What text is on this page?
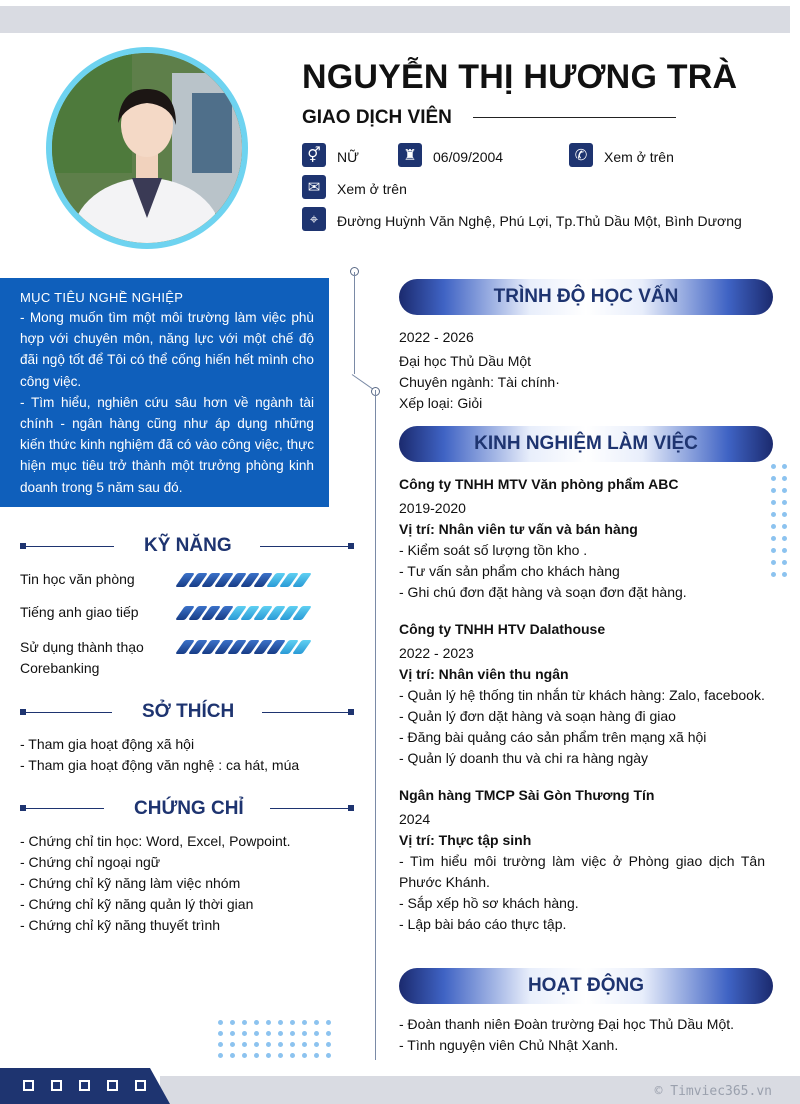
NGUYỄN THỊ HƯƠNG TRÀ
GIAO DỊCH VIÊN
⚥	NỮ	♜	06/09/2004	✆	Xem ở trên
✉	Xem ở trên
⌖	Đường Huỳnh Văn Nghệ, Phú Lợi, Tp.Thủ Dầu Một, Bình Dương
MỤC TIÊU NGHỀ NGHIỆP
- Mong muốn tìm một môi trường làm việc phù hợp với chuyên môn, năng lực với một chế độ đãi ngộ tốt để Tôi có thể cống hiến hết mình cho công việc.
- Tìm hiểu, nghiên cứu sâu hơn về ngành tài chính - ngân hàng cũng như áp dụng những kiến thức kinh nghiệm đã có vào công việc, thực hiện mục tiêu trở thành một trưởng phòng kinh doanh trong 5 năm sau đó.
KỸ NĂNG
Tin học văn phòng
Tiếng anh giao tiếp
Sử dụng thành thạo Corebanking
SỞ THÍCH
- Tham gia hoạt động xã hội
- Tham gia hoạt động văn nghệ : ca hát, múa
CHỨNG CHỈ
- Chứng chỉ tin học: Word, Excel, Powpoint.
- Chứng chỉ ngoại ngữ
- Chứng chỉ kỹ năng làm việc nhóm
- Chứng chỉ kỹ năng quản lý thời gian
- Chứng chỉ kỹ năng thuyết trình
TRÌNH ĐỘ HỌC VẤN
2022 - 2026
Đại học Thủ Dầu Một
Chuyên ngành: Tài chính·
Xếp loại: Giỏi
KINH NGHIỆM LÀM VIỆC
Công ty TNHH MTV Văn phòng phẩm ABC
2019-2020
Vị trí: Nhân viên tư vấn và bán hàng
- Kiểm soát số lượng tồn kho .
- Tư vấn sản phẩm cho khách hàng
- Ghi chú đơn đặt hàng và soạn đơn đặt hàng.
Công ty TNHH HTV Dalathouse
2022 - 2023
Vị trí: Nhân viên thu ngân
- Quản lý hệ thống tin nhắn từ khách hàng: Zalo, facebook.
- Quản lý đơn dặt hàng và soạn hàng đi giao
- Đăng bài quảng cáo sản phẩm trên mạng xã hội
- Quản lý doanh thu và chi ra hàng ngày
Ngân hàng TMCP Sài Gòn Thương Tín
2024
Vị trí: Thực tập sinh
- Tìm hiểu môi trường làm việc ở Phòng giao dịch Tân Phước Khánh.
- Sắp xếp hồ sơ khách hàng.
- Lập bài báo cáo thực tập.
HOẠT ĐỘNG
- Đoàn thanh niên Đoàn trường Đại học Thủ Dầu Một.
- Tình nguyện viên Chủ Nhật Xanh.
© Timviec365.vn
